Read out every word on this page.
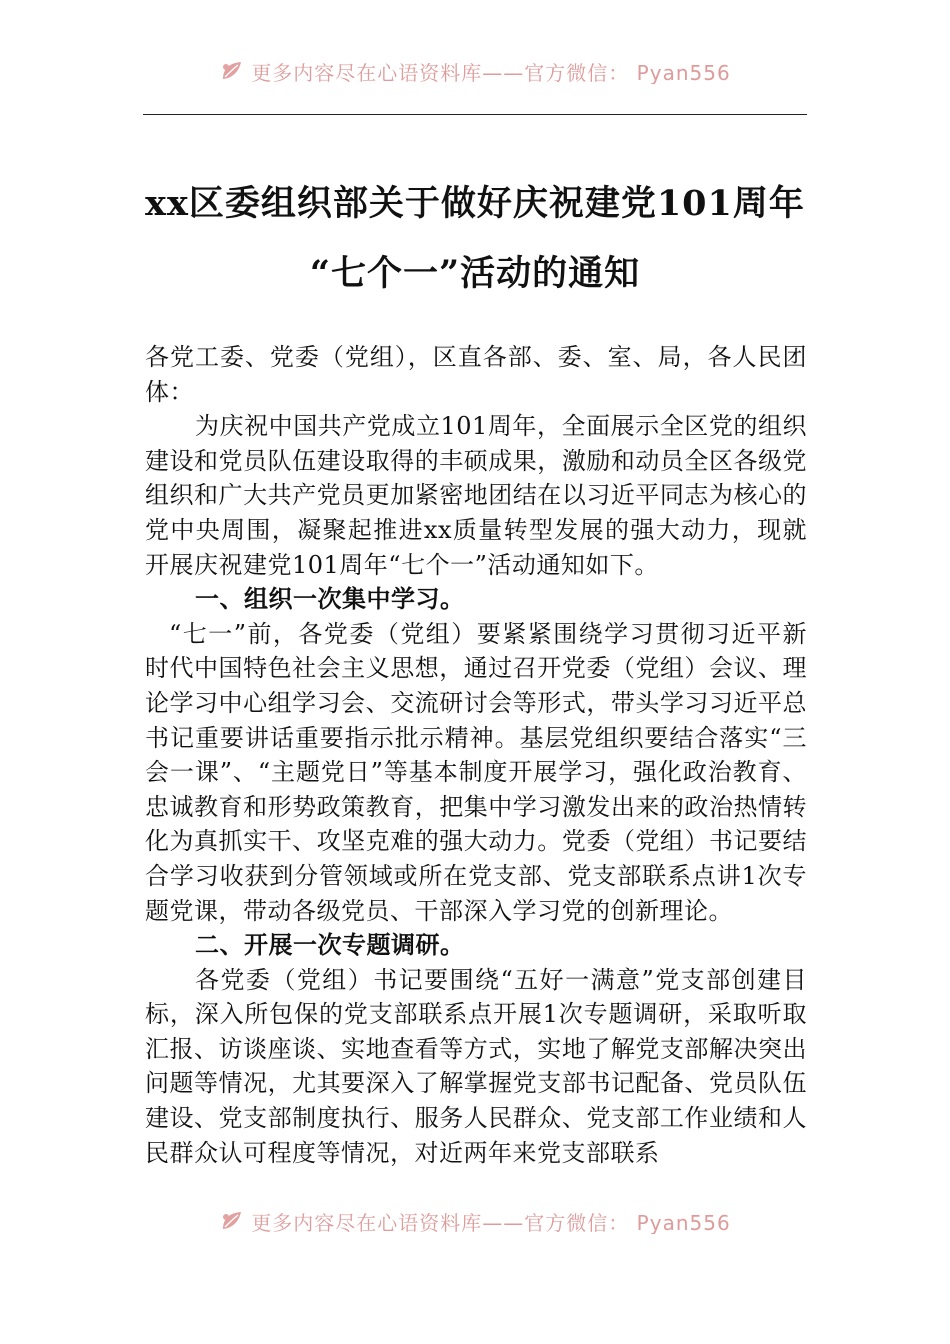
更多内容尽在心语资料库——官方微信： Pyan556
xx区委组织部关于做好庆祝建党101周年
“七个一”活动的通知

各党工委、党委（党组），区直各部、委、室、局，各人民团体：

为庆祝中国共产党成立101周年，全面展示全区党的组织建设和党员队伍建设取得的丰硕成果，激励和动员全区各级党组织和广大共产党员更加紧密地团结在以习近平同志为核心的党中央周围，凝聚起推进xx质量转型发展的强大动力，现就开展庆祝建党101周年“七个一”活动通知如下。

一、组织一次集中学习。

“七一”前，各党委（党组）要紧紧围绕学习贯彻习近平新时代中国特色社会主义思想，通过召开党委（党组）会议、理论学习中心组学习会、交流研讨会等形式，带头学习习近平总书记重要讲话重要指示批示精神。基层党组织要结合落实“三会一课”、“主题党日”等基本制度开展学习，强化政治教育、忠诚教育和形势政策教育，把集中学习激发出来的政治热情转化为真抓实干、攻坚克难的强大动力。党委（党组）书记要结合学习收获到分管领域或所在党支部、党支部联系点讲1次专题党课，带动各级党员、干部深入学习党的创新理论。

二、开展一次专题调研。

各党委（党组）书记要围绕“五好一满意”党支部创建目标，深入所包保的党支部联系点开展1次专题调研，采取听取汇报、访谈座谈、实地查看等方式，实地了解党支部解决突出问题等情况，尤其要深入了解掌握党支部书记配备、党员队伍建设、党支部制度执行、服务人民群众、党支部工作业绩和人民群众认可程度等情况，对近两年来党支部联系

更多内容尽在心语资料库——官方微信： Pyan556
